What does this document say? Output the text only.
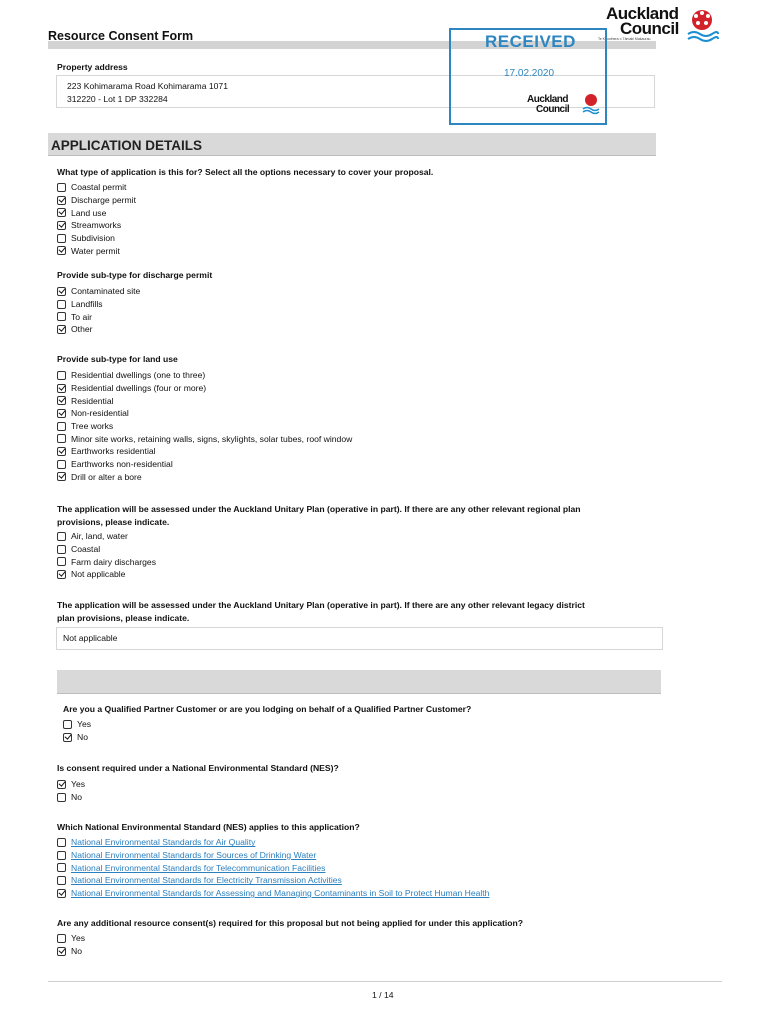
Resource Consent Form
Auckland
Council
Te Kaunihera o Tāmaki Makaurau
Property address
223 Kohimarama Road Kohimarama 1071
312220 - Lot 1 DP 332284
RECEIVED
17.02.2020
Auckland
Council
APPLICATION DETAILS
What type of application is this for? Select all the options necessary to cover your proposal.
Coastal permit
Discharge permit
Land use
Streamworks
Subdivision
Water permit
Provide sub-type for discharge permit
Contaminated site
Landfills
To air
Other
Provide sub-type for land use
Residential dwellings (one to three)
Residential dwellings (four or more)
Residential
Non-residential
Tree works
Minor site works, retaining walls, signs, skylights, solar tubes, roof window
Earthworks residential
Earthworks non-residential
Drill or alter a bore
The application will be assessed under the Auckland Unitary Plan (operative in part). If there are any other relevant regional plan
provisions, please indicate.
Air, land, water
Coastal
Farm dairy discharges
Not applicable
The application will be assessed under the Auckland Unitary Plan (operative in part). If there are any other relevant legacy district
plan provisions, please indicate.
Not applicable
Are you a Qualified Partner Customer or are you lodging on behalf of a Qualified Partner Customer?
Yes
No
Is consent required under a National Environmental Standard (NES)?
Yes
No
Which National Environmental Standard (NES) applies to this application?
National Environmental Standards for Air Quality
National Environmental Standards for Sources of Drinking Water
National Environmental Standards for Telecommunication Facilities
National Environmental Standards for Electricity Transmission Activities
National Environmental Standards for Assessing and Managing Contaminants in Soil to Protect Human Health
Are any additional resource consent(s) required for this proposal but not being applied for under this application?
Yes
No
1 / 14
